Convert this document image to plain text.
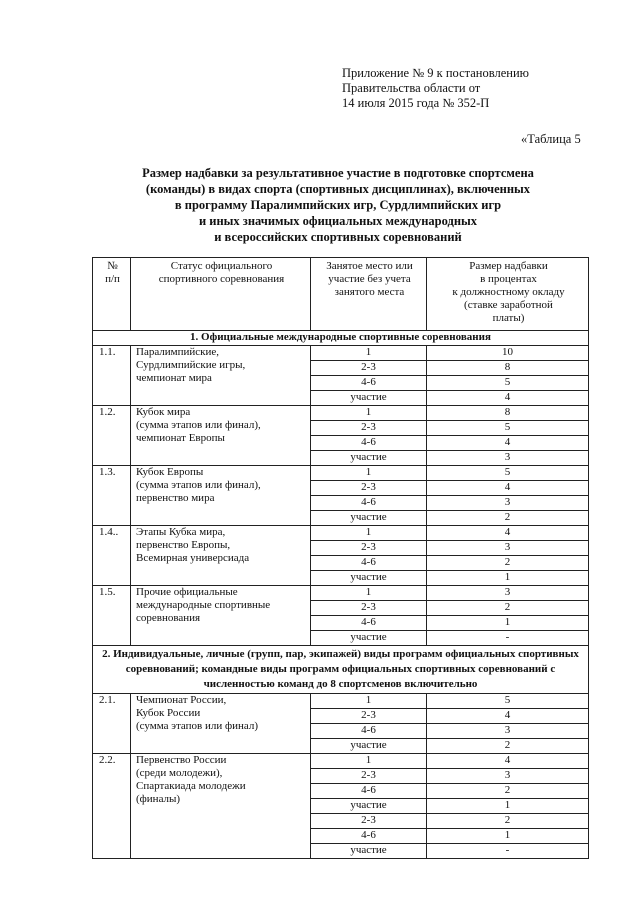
Приложение № 9 к постановлению
Правительства области от
14 июля 2015 года № 352-П
«Таблица 5
Размер надбавки за результативное участие в подготовке спортсмена
(команды) в видах спорта (спортивных дисциплинах), включенных
в программу Паралимпийских игр, Сурдлимпийских игр
и иных значимых официальных международных
и всероссийских спортивных соревнований
№
п/п	Статус официального
спортивного соревнования	Занятое место или
участие без учета
занятого места	Размер надбавки
в процентах
к должностному окладу
(ставке заработной
платы)
1. Официальные международные спортивные соревнования			
1.1.	Паралимпийские,
Сурдлимпийские игры,
чемпионат мира	1	10
		2-3	8
		4-6	5
		участие	4
1.2.	Кубок мира
(сумма этапов или финал),
чемпионат Европы	1	8
		2-3	5
		4-6	4
		участие	3
1.3.	Кубок Европы
(сумма этапов или финал),
первенство мира	1	5
		2-3	4
		4-6	3
		участие	2
1.4..	Этапы Кубка мира,
первенство Европы,
Всемирная универсиада	1	4
		2-3	3
		4-6	2
		участие	1
1.5.	Прочие официальные
международные спортивные
соревнования	1	3
		2-3	2
		4-6	1
		участие	-
2. Индивидуальные, личные (групп, пар, экипажей) виды программ официальных спортивных соревнований; командные виды программ официальных спортивных соревнований с численностью команд до 8 спортсменов включительно			
2.1.	Чемпионат России,
Кубок России
(сумма этапов или финал)	1	5
		2-3	4
		4-6	3
		участие	2
2.2.	Первенство России
(среди молодежи),
Спартакиада молодежи
(финалы)	1	4
		2-3	3
		4-6	2
		участие	1
		2-3	2
		4-6	1
		участие	-
